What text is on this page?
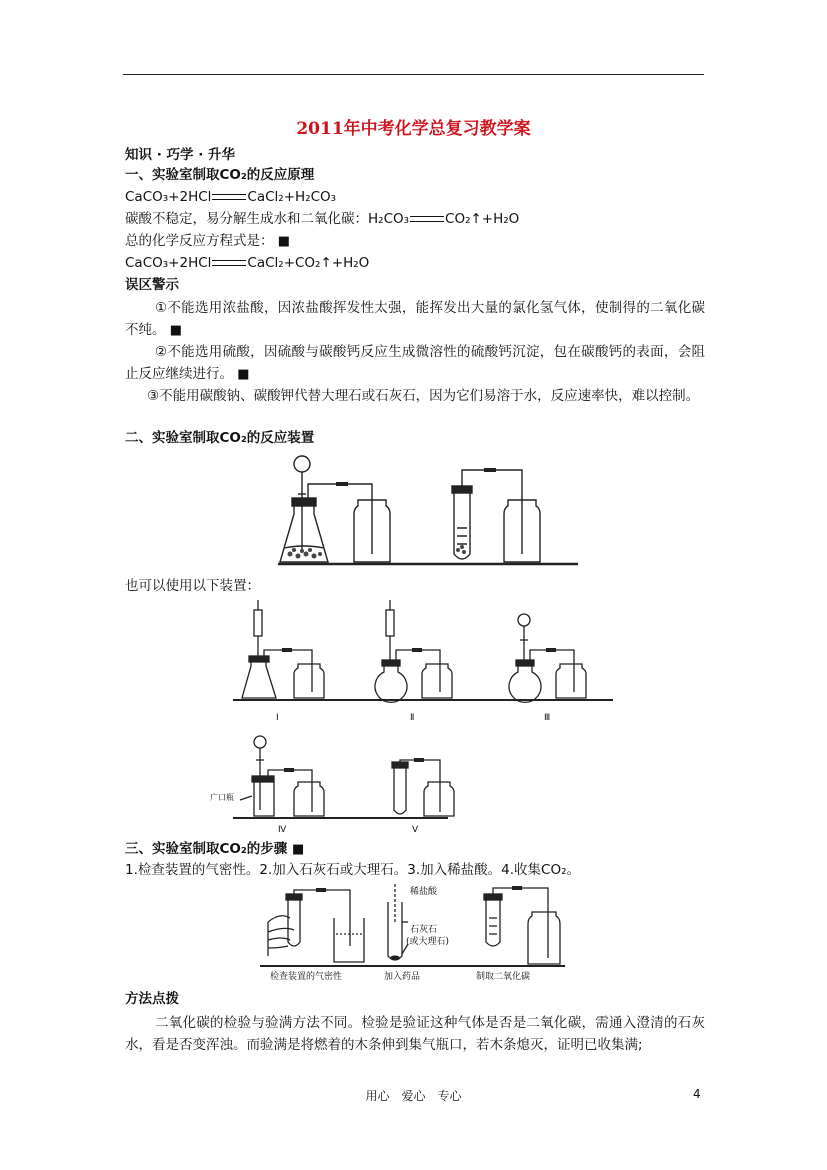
2011年中考化学总复习教学案
知识 · 巧学 · 升华
一、实验室制取CO₂的反应原理
CaCO₃+2HCl	CaCl₂+H₂CO₃
碳酸不稳定，易分解生成水和二氧化碳：H₂CO₃	CO₂↑+H₂O
总的化学反应方程式是： ■
CaCO₃+2HCl	CaCl₂+CO₂↑+H₂O
误区警示
①不能选用浓盐酸，因浓盐酸挥发性太强，能挥发出大量的氯化氢气体，使制得的二氧化碳不纯。 ■
②不能选用硫酸，因硫酸与碳酸钙反应生成微溶性的硫酸钙沉淀，包在碳酸钙的表面，会阻止反应继续进行。 ■
③不能用碳酸钠、碳酸钾代替大理石或石灰石，因为它们易溶于水，反应速率快，难以控制。
二、实验室制取CO₂的反应装置
也可以使用以下装置：
Ⅰ	Ⅱ	Ⅲ
Ⅳ	Ⅴ
广口瓶
三、实验室制取CO₂的步骤 ■
1.检查装置的气密性。2.加入石灰石或大理石。3.加入稀盐酸。4.收集CO₂。
稀盐酸
石灰石
(或大理石)
检查装置的气密性	加入药品	制取二氧化碳
方法点拨
二氧化碳的检验与验满方法不同。检验是验证这种气体是否是二氧化碳，需通入澄清的石灰水，看是否变浑浊。而验满是将燃着的木条伸到集气瓶口，若木条熄灭，证明已收集满;
用心　爱心　专心	4
